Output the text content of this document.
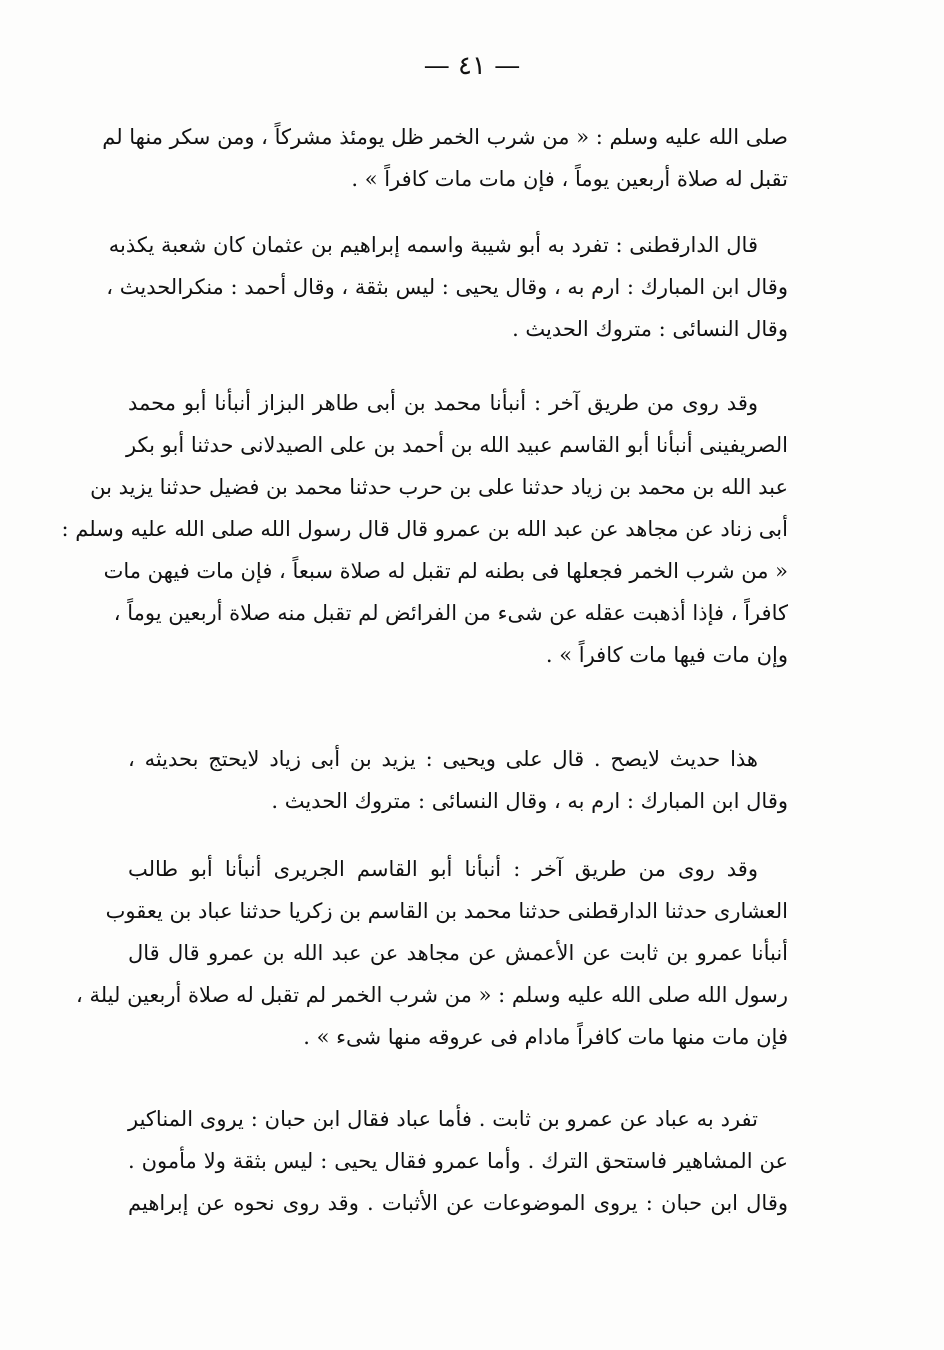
— ٤١ —
صلى الله عليه وسلم : « من شرب الخمر ظل يومئذ مشركاً ، ومن سكر منها لم
تقبل له صلاة أربعين يوماً ، فإن مات مات كافراً » .
قال الدارقطنى : تفرد به أبو شيبة واسمه إبراهيم بن عثمان كان شعبة يكذبه
وقال ابن المبارك : ارم به ، وقال يحيى : ليس بثقة ، وقال أحمد : منكرالحديث ،
وقال النسائى : متروك الحديث .
وقد روى من طريق آخر : أنبأنا محمد بن أبى طاهر البزاز أنبأنا أبو محمد
الصريفينى أنبأنا أبو القاسم عبيد الله بن أحمد بن على الصيدلانى حدثنا أبو بكر
عبد الله بن محمد بن زياد حدثنا على بن حرب حدثنا محمد بن فضيل حدثنا يزيد بن
أبى زناد عن مجاهد عن عبد الله بن عمرو قال قال رسول الله صلى الله عليه وسلم :
« من شرب الخمر فجعلها فى بطنه لم تقبل له صلاة سبعاً ، فإن مات فيهن مات
كافراً ، فإذا أذهبت عقله عن شىء من الفرائض لم تقبل منه صلاة أربعين يوماً ،
وإن مات فيها مات كافراً » .
هذا حديث لايصح . قال على ويحيى : يزيد بن أبى زياد لايحتج بحديثه ،
وقال ابن المبارك : ارم به ، وقال النسائى : متروك الحديث .
وقد روى من طريق آخر : أنبأنا أبو القاسم الجريرى أنبأنا أبو طالب
العشارى حدثنا الدارقطنى حدثنا محمد بن القاسم بن زكريا حدثنا عباد بن يعقوب
أنبأنا عمرو بن ثابت عن الأعمش عن مجاهد عن عبد الله بن عمرو قال قال
رسول الله صلى الله عليه وسلم : « من شرب الخمر لم تقبل له صلاة أربعين ليلة ،
فإن مات منها مات كافراً مادام فى عروقه منها شىء » .
تفرد به عباد عن عمرو بن ثابت . فأما عباد فقال ابن حبان : يروى المناكير
عن المشاهير فاستحق الترك . وأما عمرو فقال يحيى : ليس بثقة ولا مأمون .
وقال ابن حبان : يروى الموضوعات عن الأثبات . وقد روى نحوه عن إبراهيم
